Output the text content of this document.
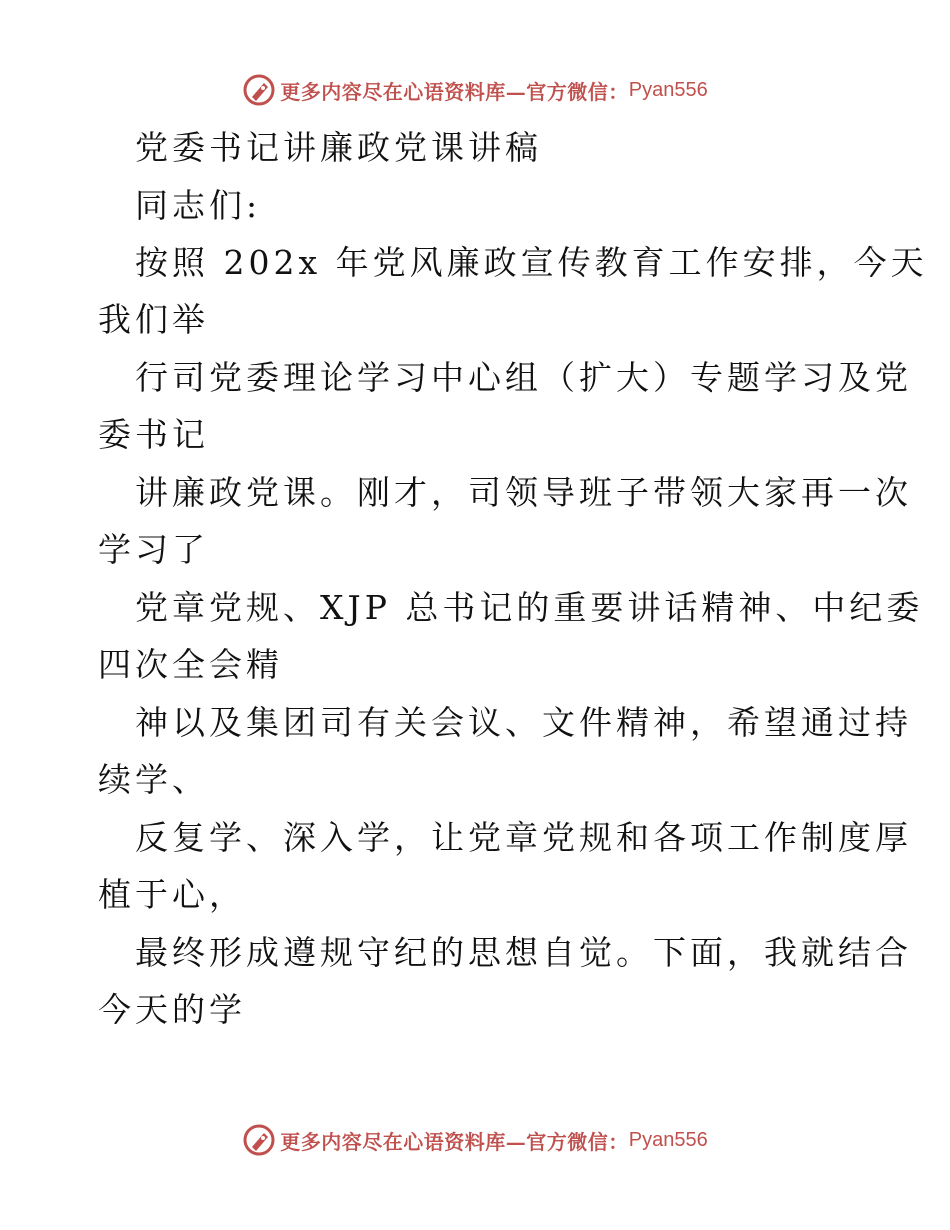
更多内容尽在心语资料库—官方微信： Pyan556
党委书记讲廉政党课讲稿
同志们:
按照 202x 年党风廉政宣传教育工作安排，今天
我们举
行司党委理论学习中心组（扩大）专题学习及党
委书记
讲廉政党课。刚才，司领导班子带领大家再一次
学习了
党章党规、XJP 总书记的重要讲话精神、中纪委
四次全会精
神以及集团司有关会议、文件精神，希望通过持
续学、
反复学、深入学，让党章党规和各项工作制度厚
植于心，
最终形成遵规守纪的思想自觉。下面，我就结合
今天的学
更多内容尽在心语资料库—官方微信： Pyan556
